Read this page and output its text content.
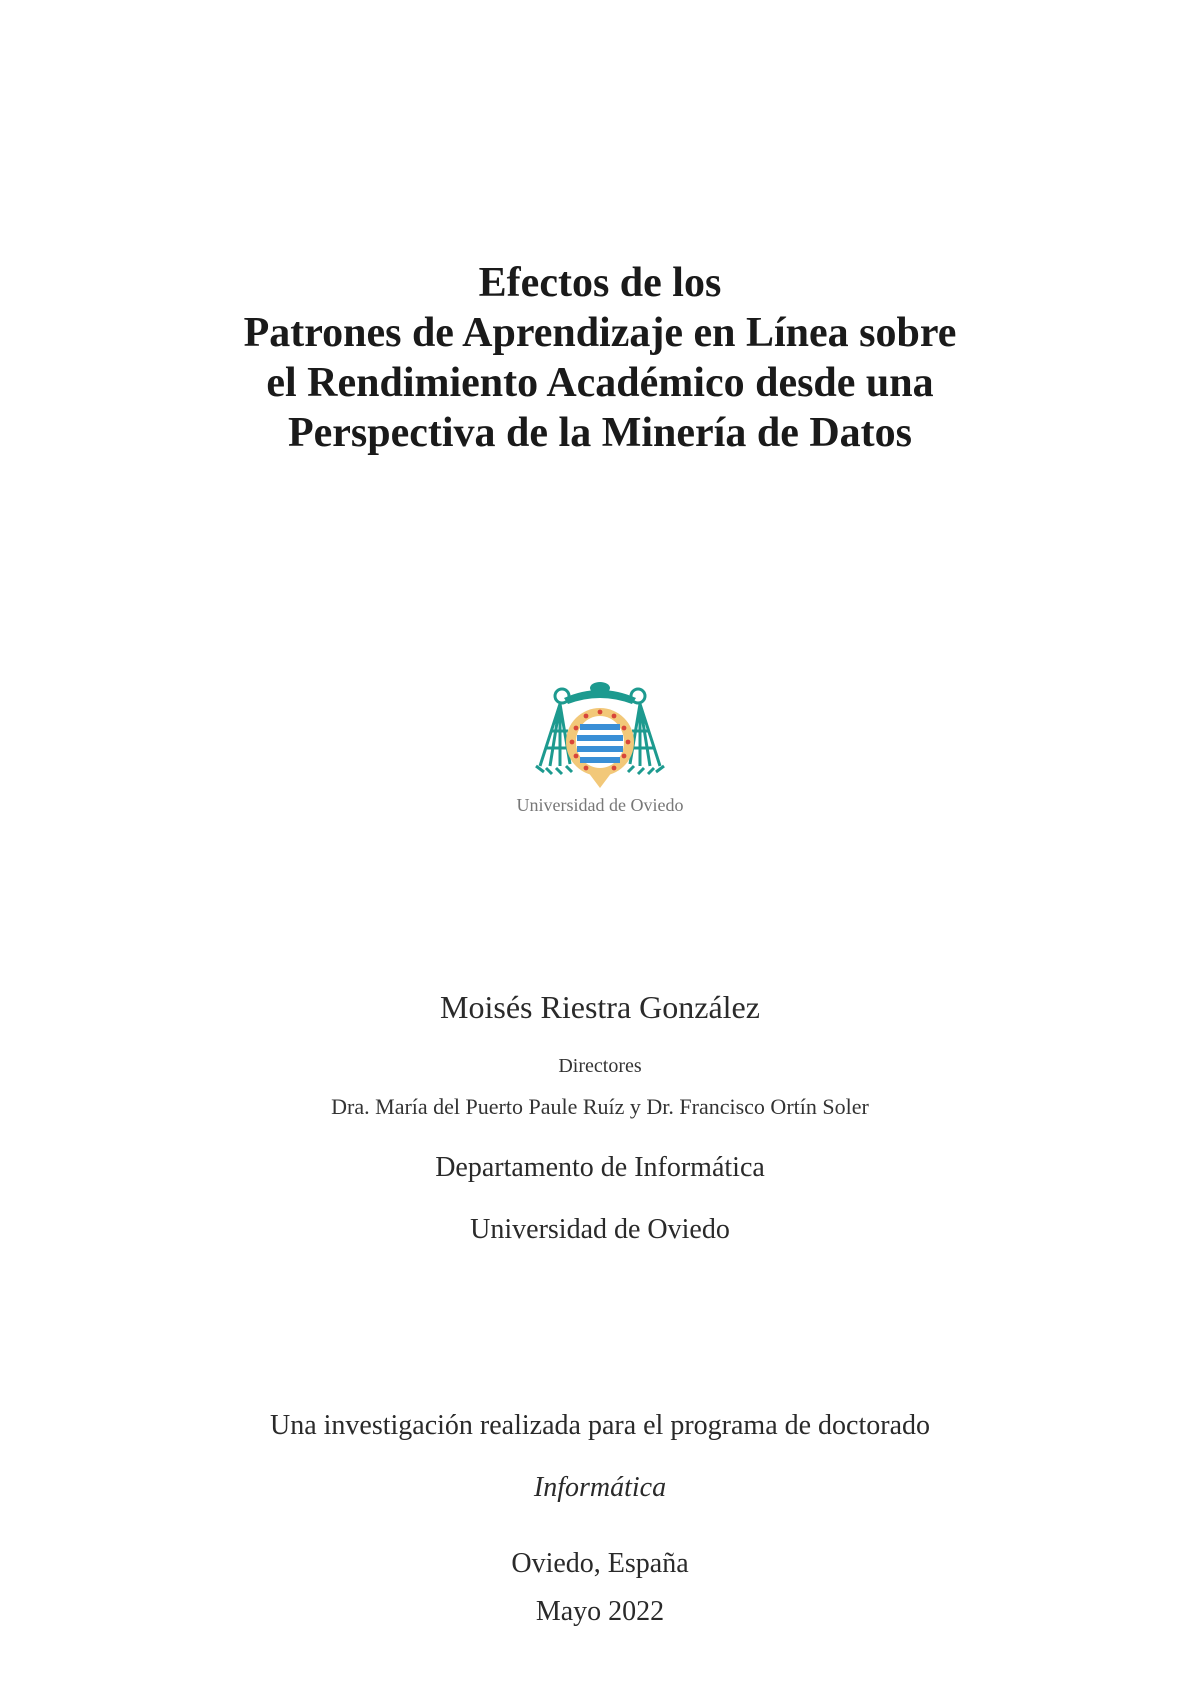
Efectos de los
Patrones de Aprendizaje en Línea sobre
el Rendimiento Académico desde una
Perspectiva de la Minería de Datos
Universidad de Oviedo
Moisés Riestra González
Directores
Dra. María del Puerto Paule Ruíz y Dr. Francisco Ortín Soler
Departamento de Informática
Universidad de Oviedo
Una investigación realizada para el programa de doctorado
Informática
Oviedo, España
Mayo 2022
